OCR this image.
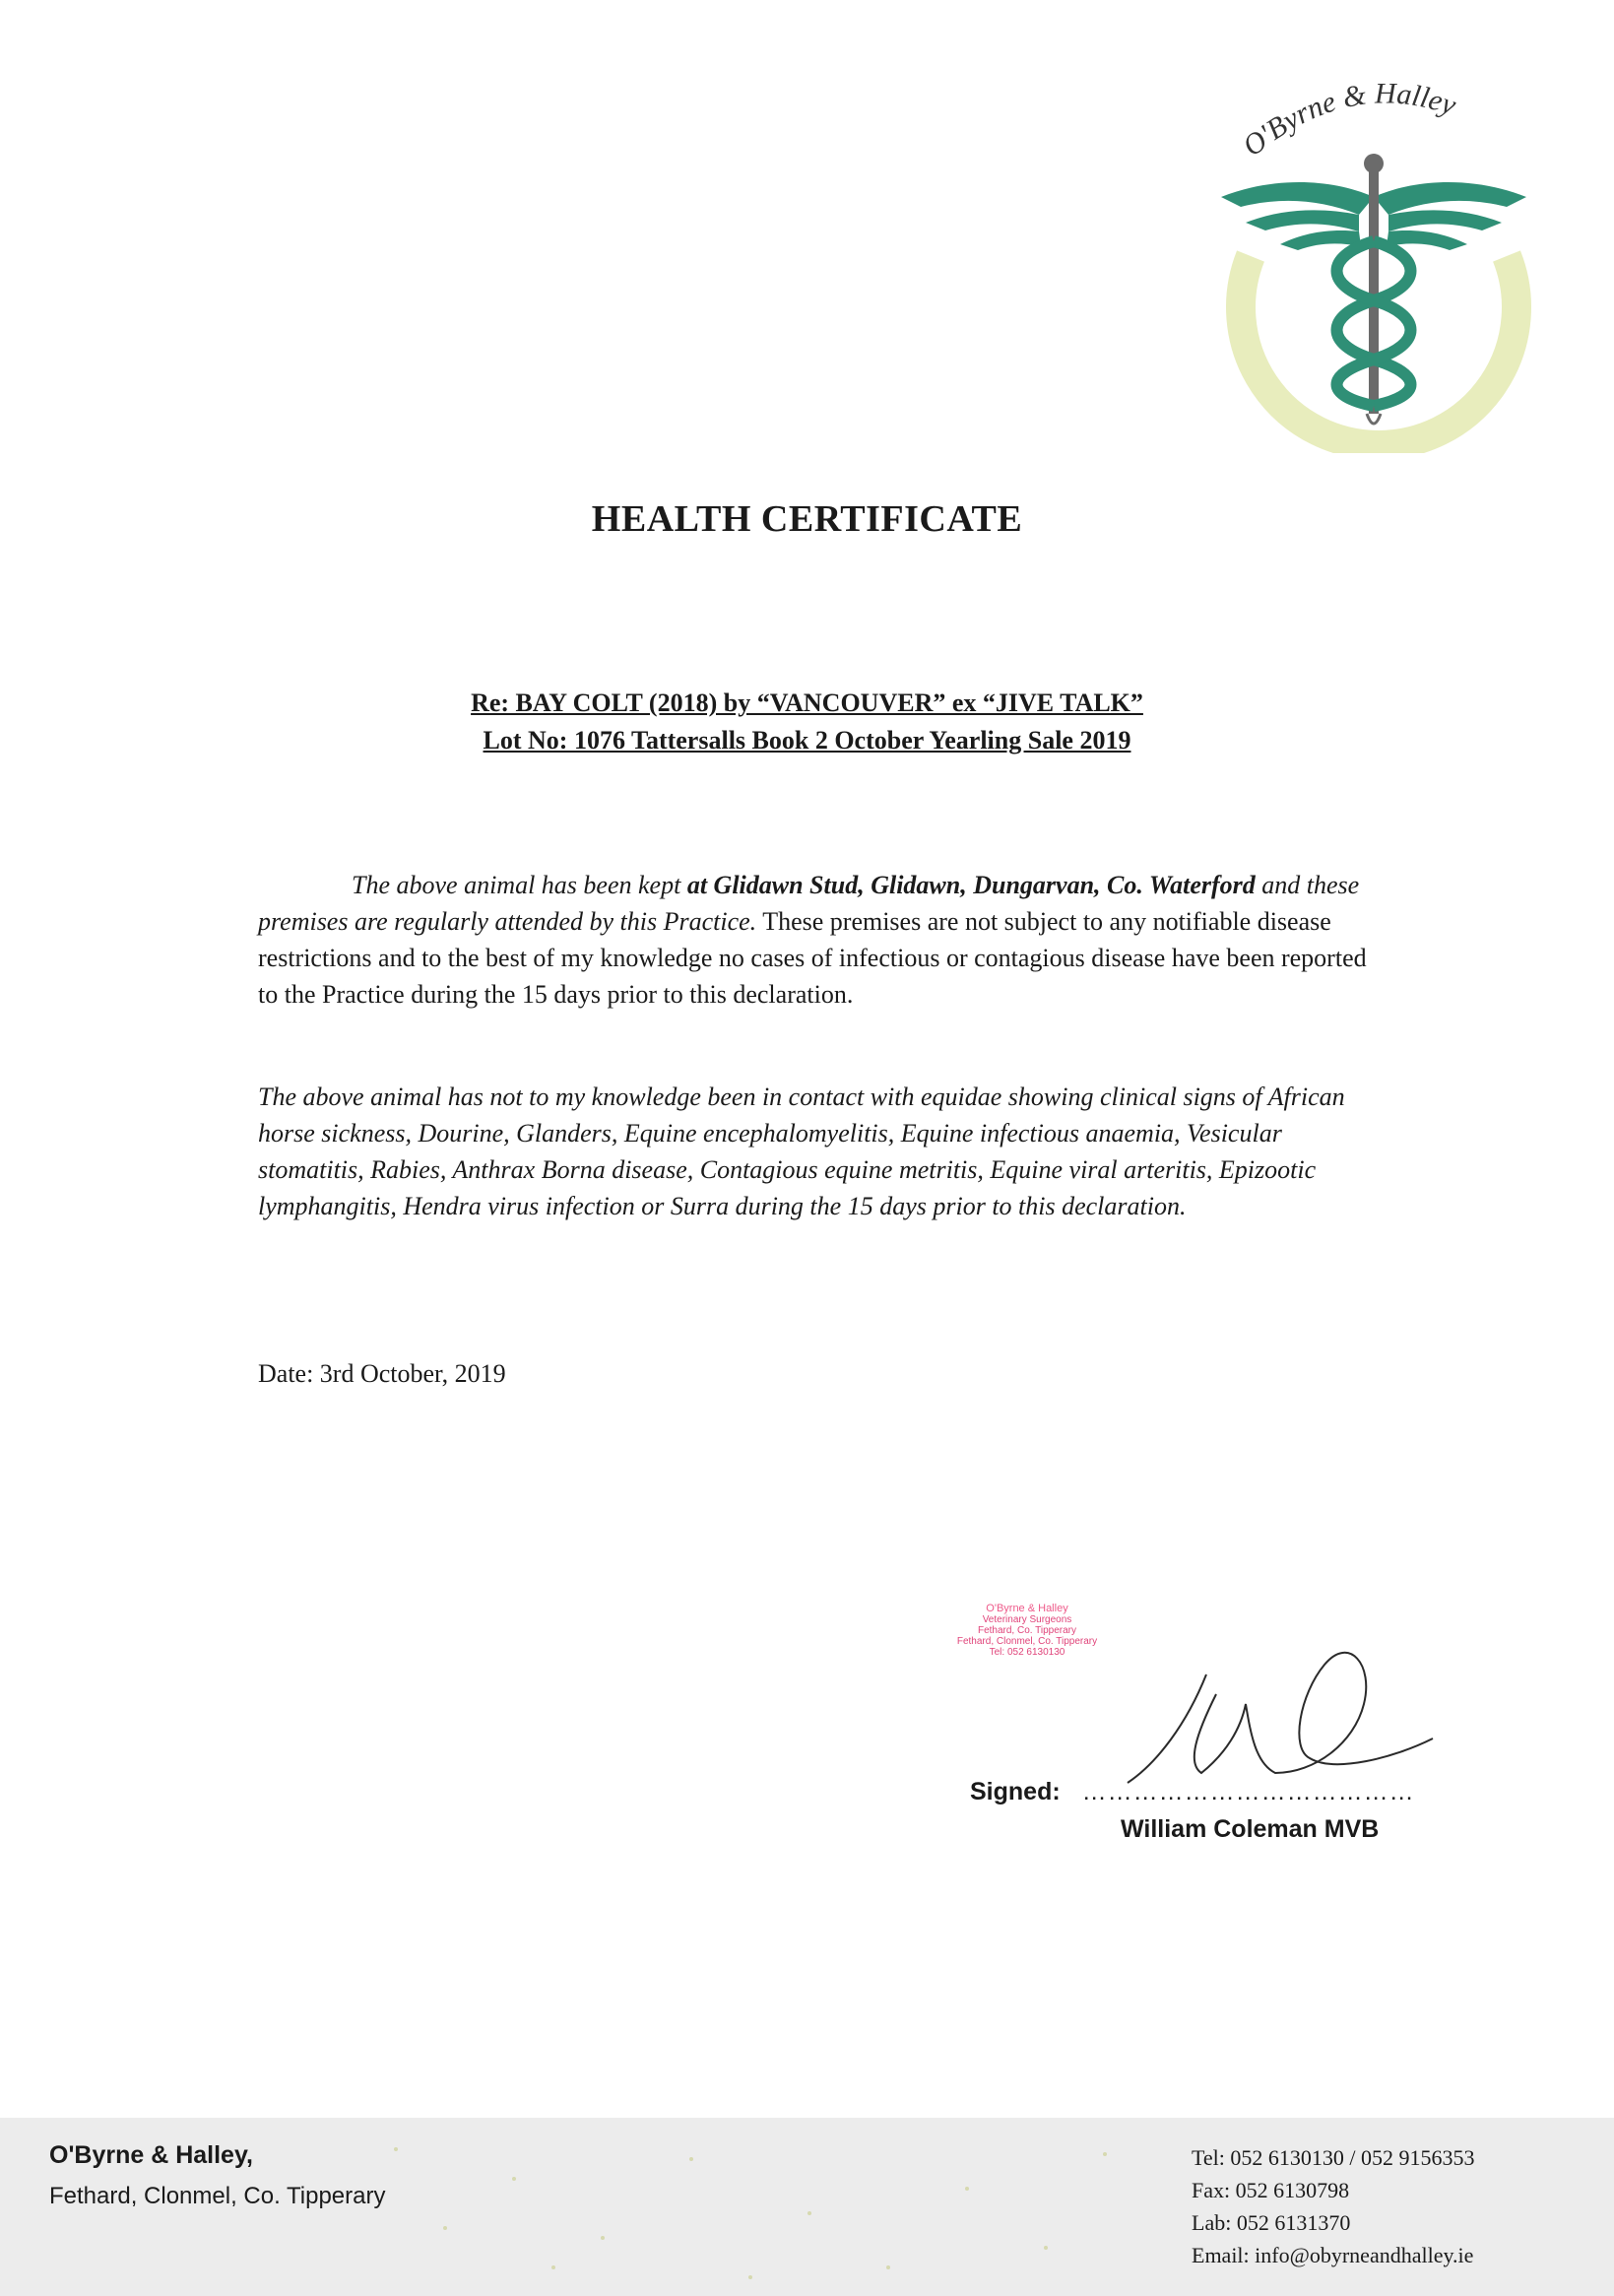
O'Byrne & Halley
HEALTH CERTIFICATE
Re: BAY COLT (2018) by “VANCOUVER” ex “JIVE TALK”
Lot No: 1076 Tattersalls Book 2 October Yearling Sale 2019

The above animal has been kept at Glidawn Stud, Glidawn, Dungarvan, Co. Waterford and these premises are regularly attended by this Practice. These premises are not subject to any notifiable disease restrictions and to the best of my knowledge no cases of infectious or contagious disease have been reported to the Practice during the 15 days prior to this declaration.

The above animal has not to my knowledge been in contact with equidae showing clinical signs of African horse sickness, Dourine, Glanders, Equine encephalomyelitis, Equine infectious anaemia, Vesicular stomatitis, Rabies, Anthrax Borna disease, Contagious equine metritis, Equine viral arteritis, Epizootic lymphangitis, Hendra virus infection or Surra during the 15 days prior to this declaration.

Date: 3rd October, 2019
O'Byrne & Halley
Veterinary Surgeons
Fethard, Co. Tipperary
Fethard, Clonmel, Co. Tipperary
Tel: 052 6130130
Signed: …………………………………
William Coleman MVB
O'Byrne & Halley,
Fethard, Clonmel, Co. Tipperary
Tel: 052 6130130 / 052 9156353
Fax: 052 6130798
Lab: 052 6131370
Email: info@obyrneandhalley.ie
